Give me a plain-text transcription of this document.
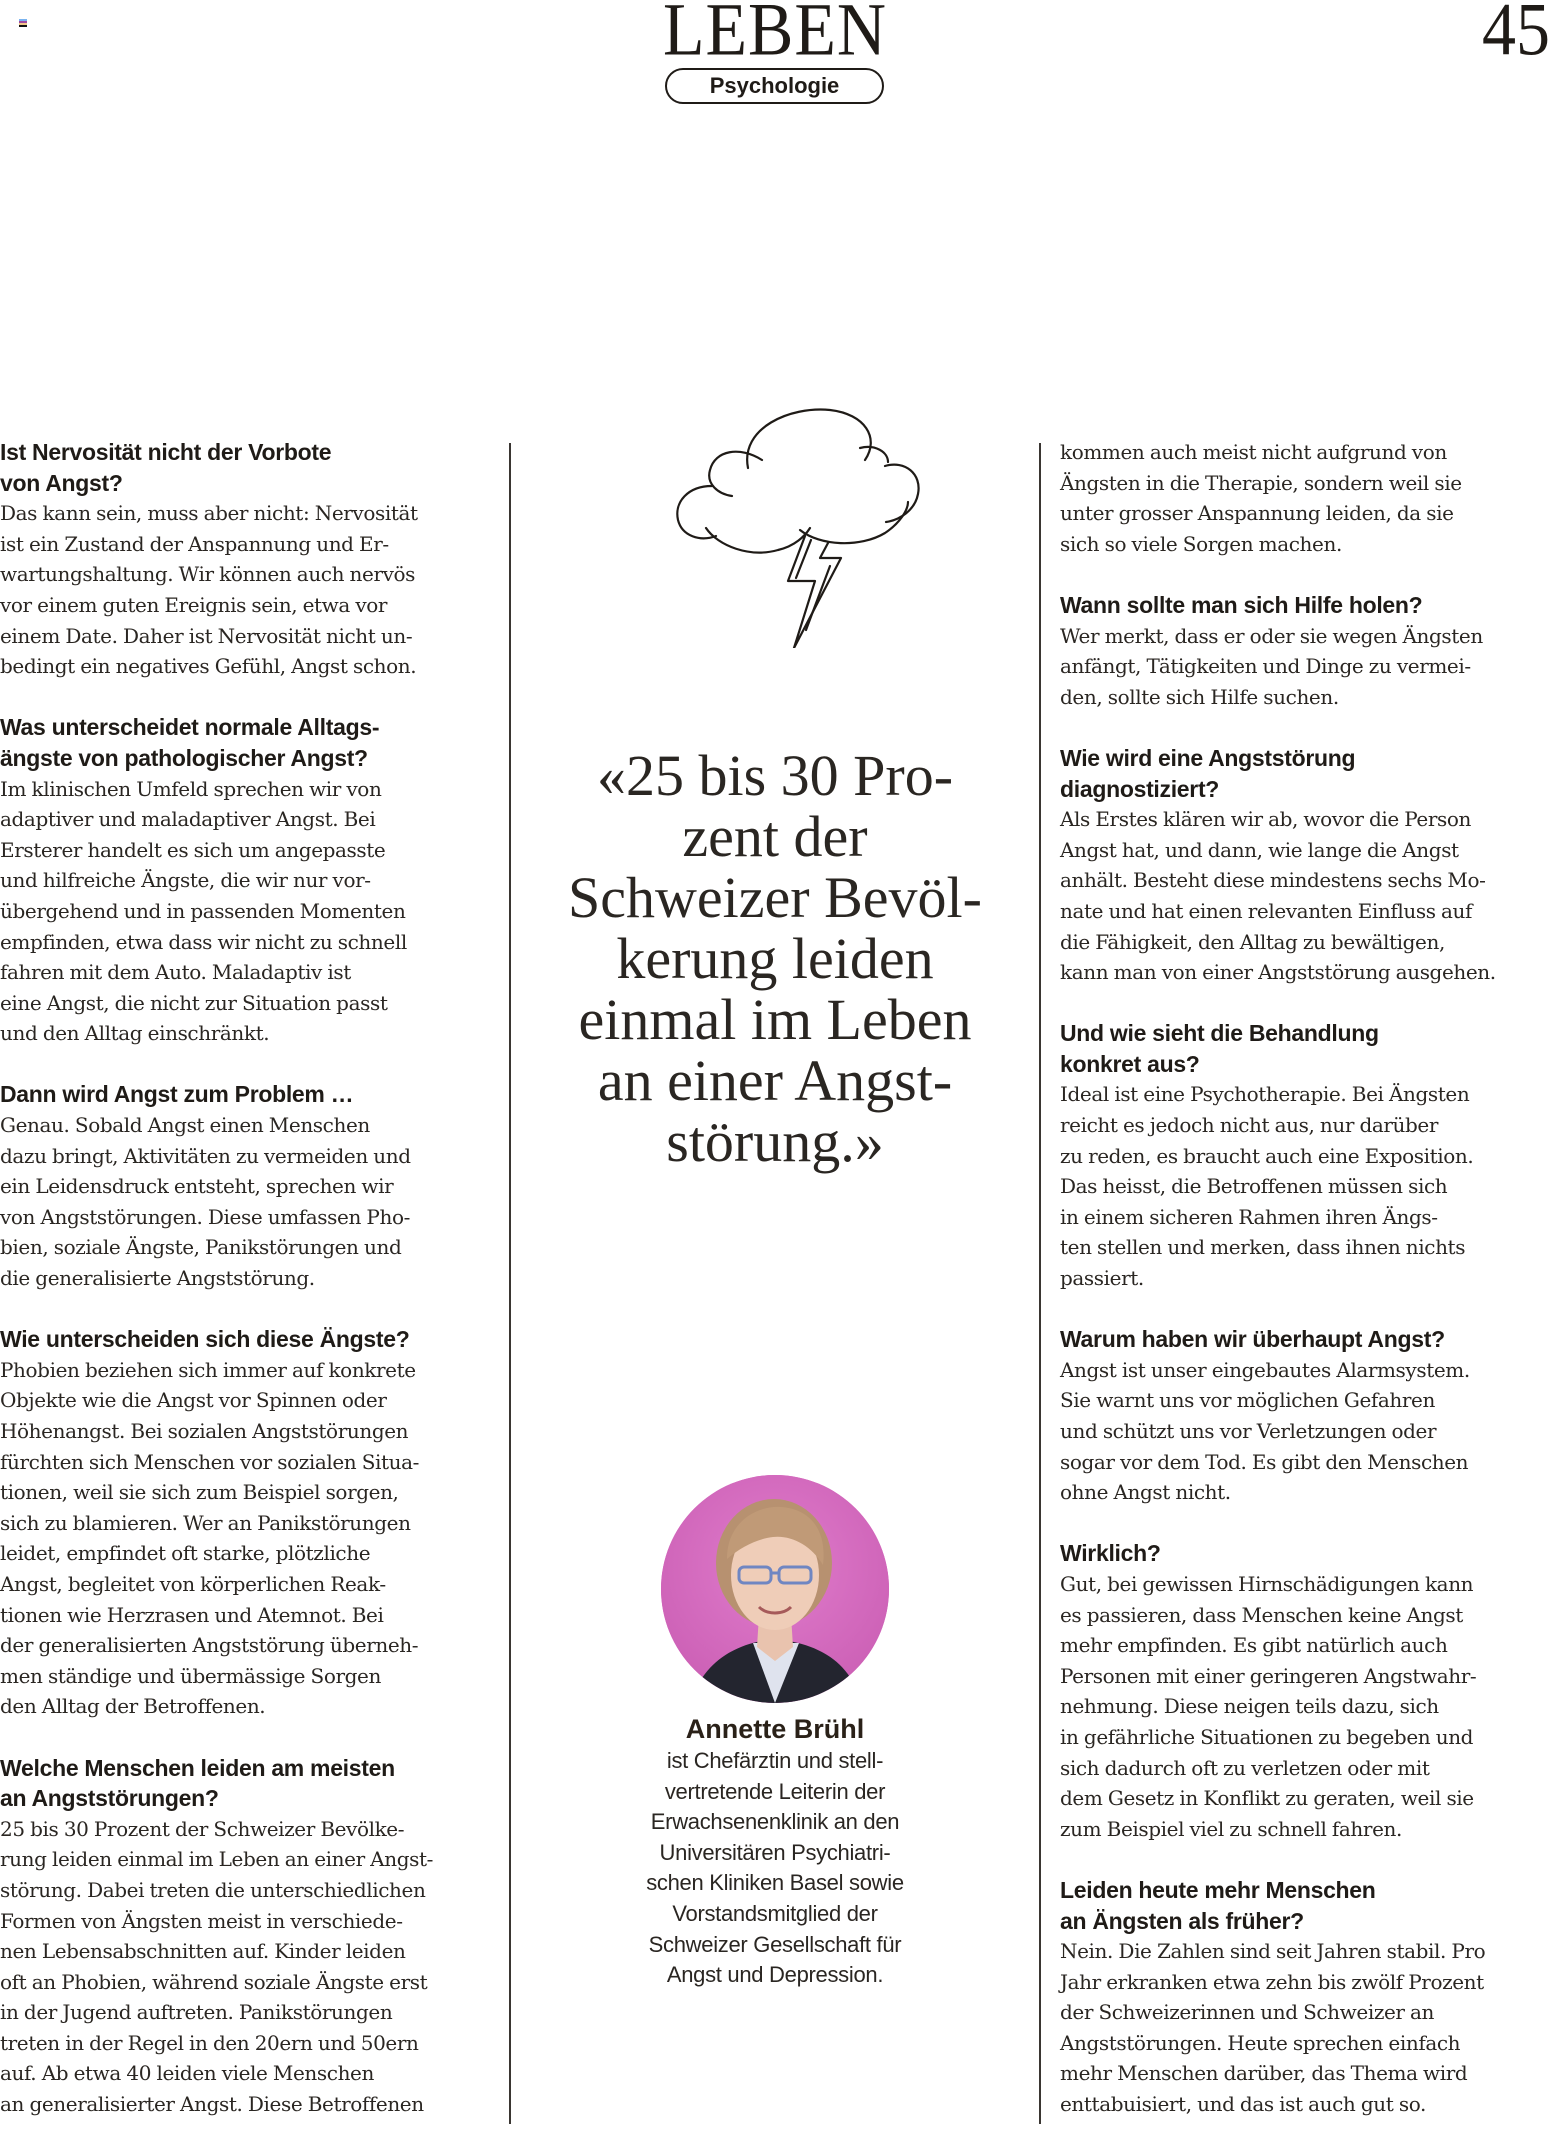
LEBEN	45
Psychologie

Ist Nervosität nicht der Vorbote
von Angst?

Das kann sein, muss aber nicht: Nervosität
ist ein Zustand der Anspannung und Er-
wartungshaltung. Wir können auch nervös
vor einem guten Ereignis sein, etwa vor
einem Date. Daher ist Nervosität nicht un-
bedingt ein negatives Gefühl, Angst schon.

Was unterscheidet normale Alltags-
ängste von pathologischer Angst?

Im klinischen Umfeld sprechen wir von
adaptiver und maladaptiver Angst. Bei
Ersterer handelt es sich um angepasste
und hilfreiche Ängste, die wir nur vor-
übergehend und in passenden Momenten
empfinden, etwa dass wir nicht zu schnell
fahren mit dem Auto. Maladaptiv ist
eine Angst, die nicht zur Situation passt
und den Alltag einschränkt.

Dann wird Angst zum Problem …

Genau. Sobald Angst einen Menschen
dazu bringt, Aktivitäten zu vermeiden und
ein Leidensdruck entsteht, sprechen wir
von Angststörungen. Diese umfassen Pho-
bien, soziale Ängste, Panikstörungen und
die generalisierte Angststörung.

Wie unterscheiden sich diese Ängste?

Phobien beziehen sich immer auf konkrete
Objekte wie die Angst vor Spinnen oder
Höhenangst. Bei sozialen Angststörungen
fürchten sich Menschen vor sozialen Situa-
tionen, weil sie sich zum Beispiel sorgen,
sich zu blamieren. Wer an Panikstörungen
leidet, empfindet oft starke, plötzliche
Angst, begleitet von körperlichen Reak-
tionen wie Herzrasen und Atemnot. Bei
der generalisierten Angststörung überneh-
men ständige und übermässige Sorgen
den Alltag der Betroffenen.

Welche Menschen leiden am meisten
an Angststörungen?

25 bis 30 Prozent der Schweizer Bevölke-
rung leiden einmal im Leben an einer Angst-
störung. Dabei treten die unterschiedlichen
Formen von Ängsten meist in verschiede-
nen Lebensabschnitten auf. Kinder leiden
oft an Phobien, während soziale Ängste erst
in der Jugend auftreten. Panikstörungen
treten in der Regel in den 20ern und 50ern
auf. Ab etwa 40 leiden viele Menschen
an generalisierter Angst. Diese Betroffenen

«25 bis 30 Pro-
zent der
Schweizer Bevöl-
kerung leiden
einmal im Leben
an einer Angst-
störung.»
Annette Brühl
ist Chefärztin und stell-
vertretende Leiterin der
Erwachsenenklinik an den
Universitären Psychiatri-
schen Kliniken Basel sowie
Vorstandsmitglied der
Schweizer Gesellschaft für
Angst und Depression.

kommen auch meist nicht aufgrund von
Ängsten in die Therapie, sondern weil sie
unter grosser Anspannung leiden, da sie
sich so viele Sorgen machen.

Wann sollte man sich Hilfe holen?

Wer merkt, dass er oder sie wegen Ängsten
anfängt, Tätigkeiten und Dinge zu vermei-
den, sollte sich Hilfe suchen.

Wie wird eine Angststörung
diagnostiziert?

Als Erstes klären wir ab, wovor die Person
Angst hat, und dann, wie lange die Angst
anhält. Besteht diese mindestens sechs Mo-
nate und hat einen relevanten Einfluss auf
die Fähigkeit, den Alltag zu bewältigen,
kann man von einer Angststörung ausgehen.

Und wie sieht die Behandlung
konkret aus?

Ideal ist eine Psychotherapie. Bei Ängsten
reicht es jedoch nicht aus, nur darüber
zu reden, es braucht auch eine Exposition.
Das heisst, die Betroffenen müssen sich
in einem sicheren Rahmen ihren Ängs-
ten stellen und merken, dass ihnen nichts
passiert.

Warum haben wir überhaupt Angst?

Angst ist unser eingebautes Alarmsystem.
Sie warnt uns vor möglichen Gefahren
und schützt uns vor Verletzungen oder
sogar vor dem Tod. Es gibt den Menschen
ohne Angst nicht.

Wirklich?

Gut, bei gewissen Hirnschädigungen kann
es passieren, dass Menschen keine Angst
mehr empfinden. Es gibt natürlich auch
Personen mit einer geringeren Angstwahr-
nehmung. Diese neigen teils dazu, sich
in gefährliche Situationen zu begeben und
sich dadurch oft zu verletzen oder mit
dem Gesetz in Konflikt zu geraten, weil sie
zum Beispiel viel zu schnell fahren.

Leiden heute mehr Menschen
an Ängsten als früher?

Nein. Die Zahlen sind seit Jahren stabil. Pro
Jahr erkranken etwa zehn bis zwölf Prozent
der Schweizerinnen und Schweizer an
Angststörungen. Heute sprechen einfach
mehr Menschen darüber, das Thema wird
enttabuisiert, und das ist auch gut so.
